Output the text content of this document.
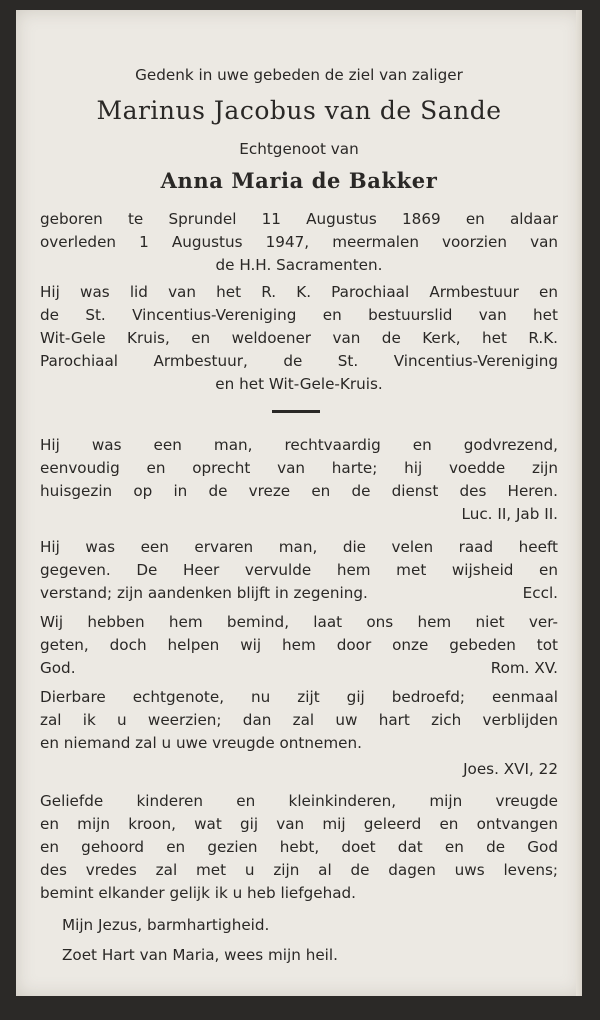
Gedenk in uwe gebeden de ziel van zaliger
Marinus Jacobus van de Sande
Echtgenoot van
Anna Maria de Bakker
geboren te Sprundel 11 Augustus 1869 en aldaar
overleden 1 Augustus 1947, meermalen voorzien van
de H.H. Sacramenten.
Hij was lid van het R. K. Parochiaal Armbestuur en
de St. Vincentius-Vereniging en bestuurslid van het
Wit-Gele Kruis, en weldoener van de Kerk, het R.K.
Parochiaal Armbestuur, de St. Vincentius-Vereniging
en het Wit-Gele-Kruis.
Hij was een man, rechtvaardig en godvrezend,
eenvoudig en oprecht van harte; hij voedde zijn
huisgezin op in de vreze en de dienst des Heren.
Luc. II, Jab II.
Hij was een ervaren man, die velen raad heeft
gegeven. De Heer vervulde hem met wijsheid en
verstand; zijn aandenken blijft in zegening.	Eccl.
Wij hebben hem bemind, laat ons hem niet ver-
geten, doch helpen wij hem door onze gebeden tot
God.	Rom. XV.
Dierbare echtgenote, nu zijt gij bedroefd; eenmaal
zal ik u weerzien; dan zal uw hart zich verblijden
en niemand zal u uwe vreugde ontnemen.
Joes. XVI, 22
Geliefde kinderen en kleinkinderen, mijn vreugde
en mijn kroon, wat gij van mij geleerd en ontvangen
en gehoord en gezien hebt, doet dat en de God
des vredes zal met u zijn al de dagen uws levens;
bemint elkander gelijk ik u heb liefgehad.
Mijn Jezus, barmhartigheid.
Zoet Hart van Maria, wees mijn heil.
